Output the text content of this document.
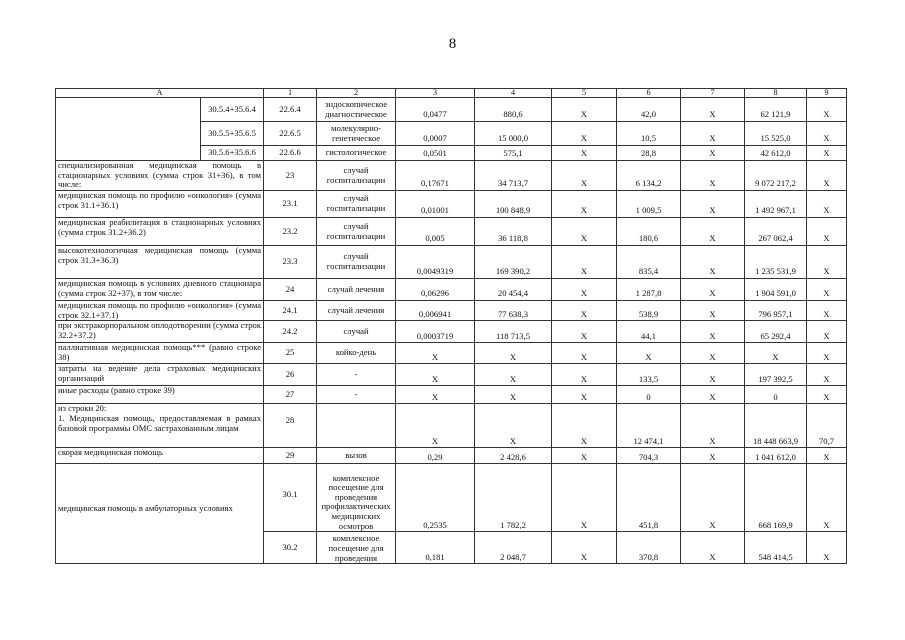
8
A		1	2	3	4	5	6	7	8	9
	30.5.4+35.6.4	22.6.4	эндоскопическое диагностическое	0,0477	880,6	Х	42,0	Х	62 121,9	Х
	30.5.5+35.6.5	22.6.5	молекулярно-генетическое	0,0007	15 000,0	Х	10,5	Х	15 525,0	Х
	30.5.6+35.6.6	22.6.6	гистологическое	0,0501	575,1	Х	28,8	Х	42 612,0	Х
специализированная медицинская помощь в стационарных условиях (сумма строк 31+36), в том числе:		23	случай госпитализации	0,17671	34 713,7	Х	6 134,2	Х	9 072 217,2	Х
медицинская помощь по профилю «онкология» (сумма строк 31.1+36.1)		23.1	случай госпитализации	0,01001	100 848,9	Х	1 009,5	Х	1 492 967,1	Х
медицинская реабилитация в стационарных условиях (сумма строк 31.2+36.2)		23.2	случай госпитализации	0,005	36 118,8	Х	180,6	Х	267 062,4	Х
высокотехнологичная медицинская помощь (сумма строк 31.3+36.3)		23.3	случай госпитализации	0,0049319	169 390,2	Х	835,4	Х	1 235 531,9	Х
медицинская помощь в условиях дневного стационара (сумма строк 32+37), в том числе:		24	случай лечения	0,06296	20 454,4	Х	1 287,8	Х	1 904 591,0	Х
медицинская помощь по профилю «онкология» (сумма строк 32.1+37.1)		24.1	случай лечения	0,006941	77 638,3	Х	538,9	Х	796 957,1	Х
при экстракорпоральном оплодотворении (сумма строк 32.2+37.2)		24.2	случай	0,0003719	118 713,5	Х	44,1	Х	65 292,4	Х
паллиативная медицинская помощь*** (равно строке 38)		25	койко-день	Х	Х	Х	Х	Х	Х	Х
затраты на ведение дела страховых медицинских организаций		26	-	Х	Х	Х	133,5	Х	197 392,5	Х
иные расходы (равно строке 39)		27	-	Х	Х	Х	0	Х	0	Х
из строки 20:
1. Медицинская помощь, предоставляемая в рамках базовой программы ОМС застрахованным лицам		28		Х	Х	Х	12 474,1	Х	18 448 663,9	70,7
скорая медицинская помощь		29	вызов	0,29	2 428,6	Х	704,3	Х	1 041 612,0	Х
медицинская помощь в амбулаторных условиях		30.1	комплексное посещение для проведения профилактических медицинских осмотров	0,2535	1 782,2	Х	451,8	Х	668 169,9	Х
		30.2	комплексное посещение для проведения	0,181	2 048,7	Х	370,8	Х	548 414,5	Х
